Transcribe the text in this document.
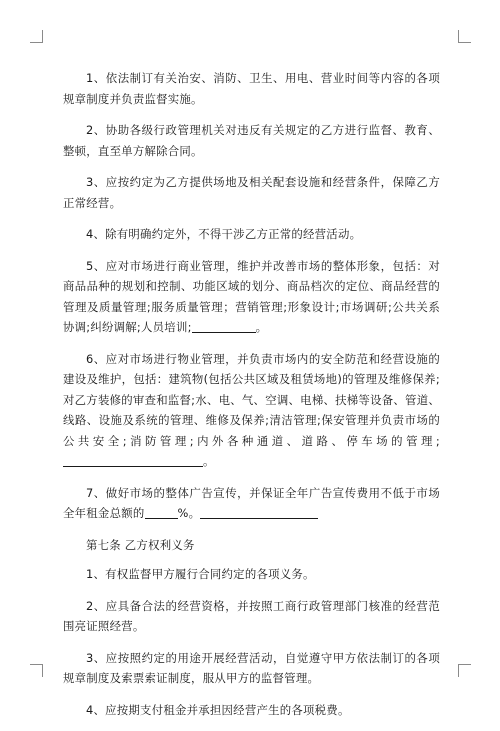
1、依法制订有关治安、消防、卫生、用电、营业时间等内容的各项规章制度并负责监督实施。

2、协助各级行政管理机关对违反有关规定的乙方进行监督、教育、整顿，直至单方解除合同。

3、应按约定为乙方提供场地及相关配套设施和经营条件，保障乙方正常经营。

4、除有明确约定外，不得干涉乙方正常的经营活动。

5、应对市场进行商业管理，维护并改善市场的整体形象，包括：对商品品种的规划和控制、功能区域的划分、商品档次的定位、商品经营的管理及质量管理;服务质量管理；营销管理;形象设计;市场调研;公共关系协调;纠纷调解;人员培训;	。

6、应对市场进行物业管理，并负责市场内的安全防范和经营设施的建设及维护，包括：建筑物(包括公共区域及租赁场地)的管理及维修保养;对乙方装修的审查和监督;水、电、气、空调、电梯、扶梯等设备、管道、线路、设施及系统的管理、维修及保养;清洁管理;保安管理并负责市场的公共安全;消防管理;内外各种通道、道路、停车场的管理;。

7、做好市场的整体广告宣传，并保证全年广告宣传费用不低于市场全年租金总额的	%。

第七条 乙方权利义务

1、有权监督甲方履行合同约定的各项义务。

2、应具备合法的经营资格，并按照工商行政管理部门核准的经营范围亮证照经营。

3、应按照约定的用途开展经营活动，自觉遵守甲方依法制订的各项规章制度及索票索证制度，服从甲方的监督管理。

4、应按期支付租金并承担因经营产生的各项税费。
